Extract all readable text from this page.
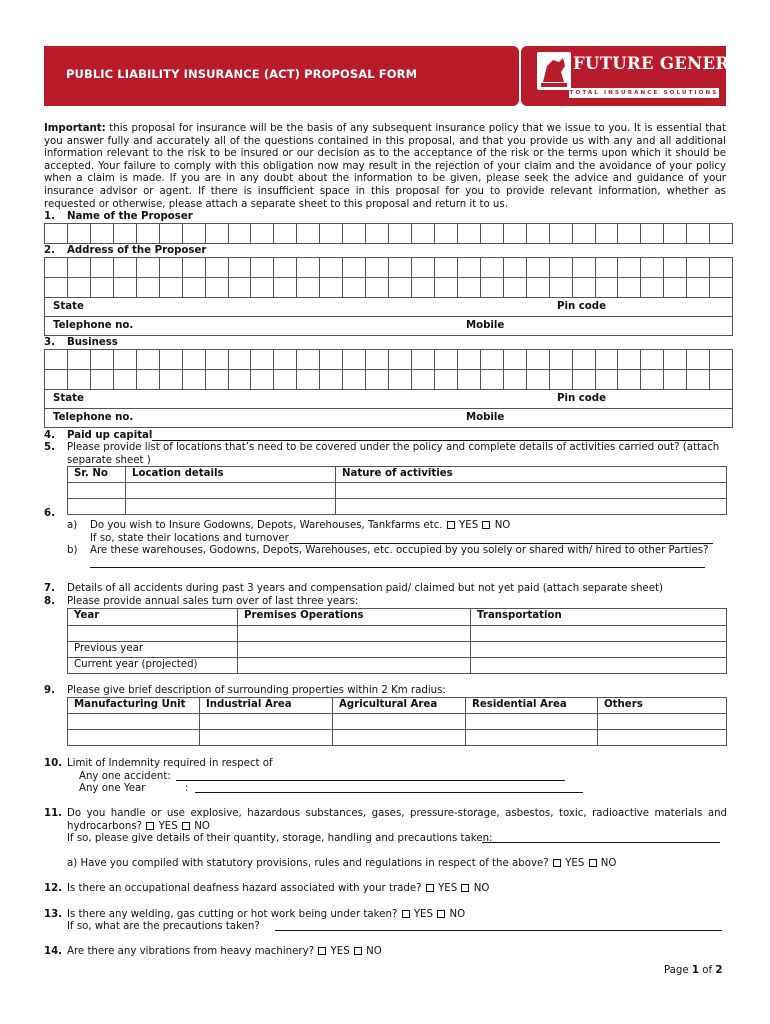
PUBLIC LIABILITY INSURANCE (ACT) PROPOSAL FORM
FUTURE GENERALI
TOTAL INSURANCE SOLUTIONS
Important: this proposal for insurance will be the basis of any subsequent insurance policy that we issue to you. It is essential that you answer fully and accurately all of the questions contained in this proposal, and that you provide us with any and all additional information relevant to the risk to be insured or our decision as to the acceptance of the risk or the terms upon which it should be accepted. Your failure to comply with this obligation now may result in the rejection of your claim and the avoidance of your policy when a claim is made. If you are in any doubt about the information to be given, please seek the advice and guidance of your insurance advisor or agent. If there is insufficient space in this proposal for you to provide relevant information, whether as requested or otherwise, please attach a separate sheet to this proposal and return it to us.
1. Name of the Proposer
2. Address of the Proposer
State	Pin code
Telephone no.	Mobile
3. Business
State	Pin code
Telephone no.	Mobile
4. Paid up capital
5. Please provide list of locations that’s need to be covered under the policy and complete details of activities carried out? (attach separate sheet )
Sr. No	Location details	Nature of activities

6.
a) Do you wish to Insure Godowns, Depots, Warehouses, Tankfarms etc. YES NO
If so, state their locations and turnover
b) Are these warehouses, Godowns, Depots, Warehouses, etc. occupied by you solely or shared with/ hired to other Parties?
7. Details of all accidents during past 3 years and compensation paid/ claimed but not yet paid (attach separate sheet)
8. Please provide annual sales turn over of last three years:
Year	Premises Operations	Transportation

Previous year		
Current year (projected)		
9. Please give brief description of surrounding properties within 2 Km radius:
Manufacturing Unit	Industrial Area	Agricultural Area	Residential Area	Others

10. Limit of Indemnity required in respect of
Any one accident:
Any one Year	:
11. Do you handle or use explosive, hazardous substances, gases, pressure-storage, asbestos, toxic, radioactive materials and
hydrocarbons? YES NO
If so, please give details of their quantity, storage, handling and precautions taken:
a) Have you compiled with statutory provisions, rules and regulations in respect of the above? YES NO
12. Is there an occupational deafness hazard associated with your trade? YES NO
13. Is there any welding, gas cutting or hot work being under taken? YES NO
If so, what are the precautions taken?
14. Are there any vibrations from heavy machinery? YES NO
Page 1 of 2
